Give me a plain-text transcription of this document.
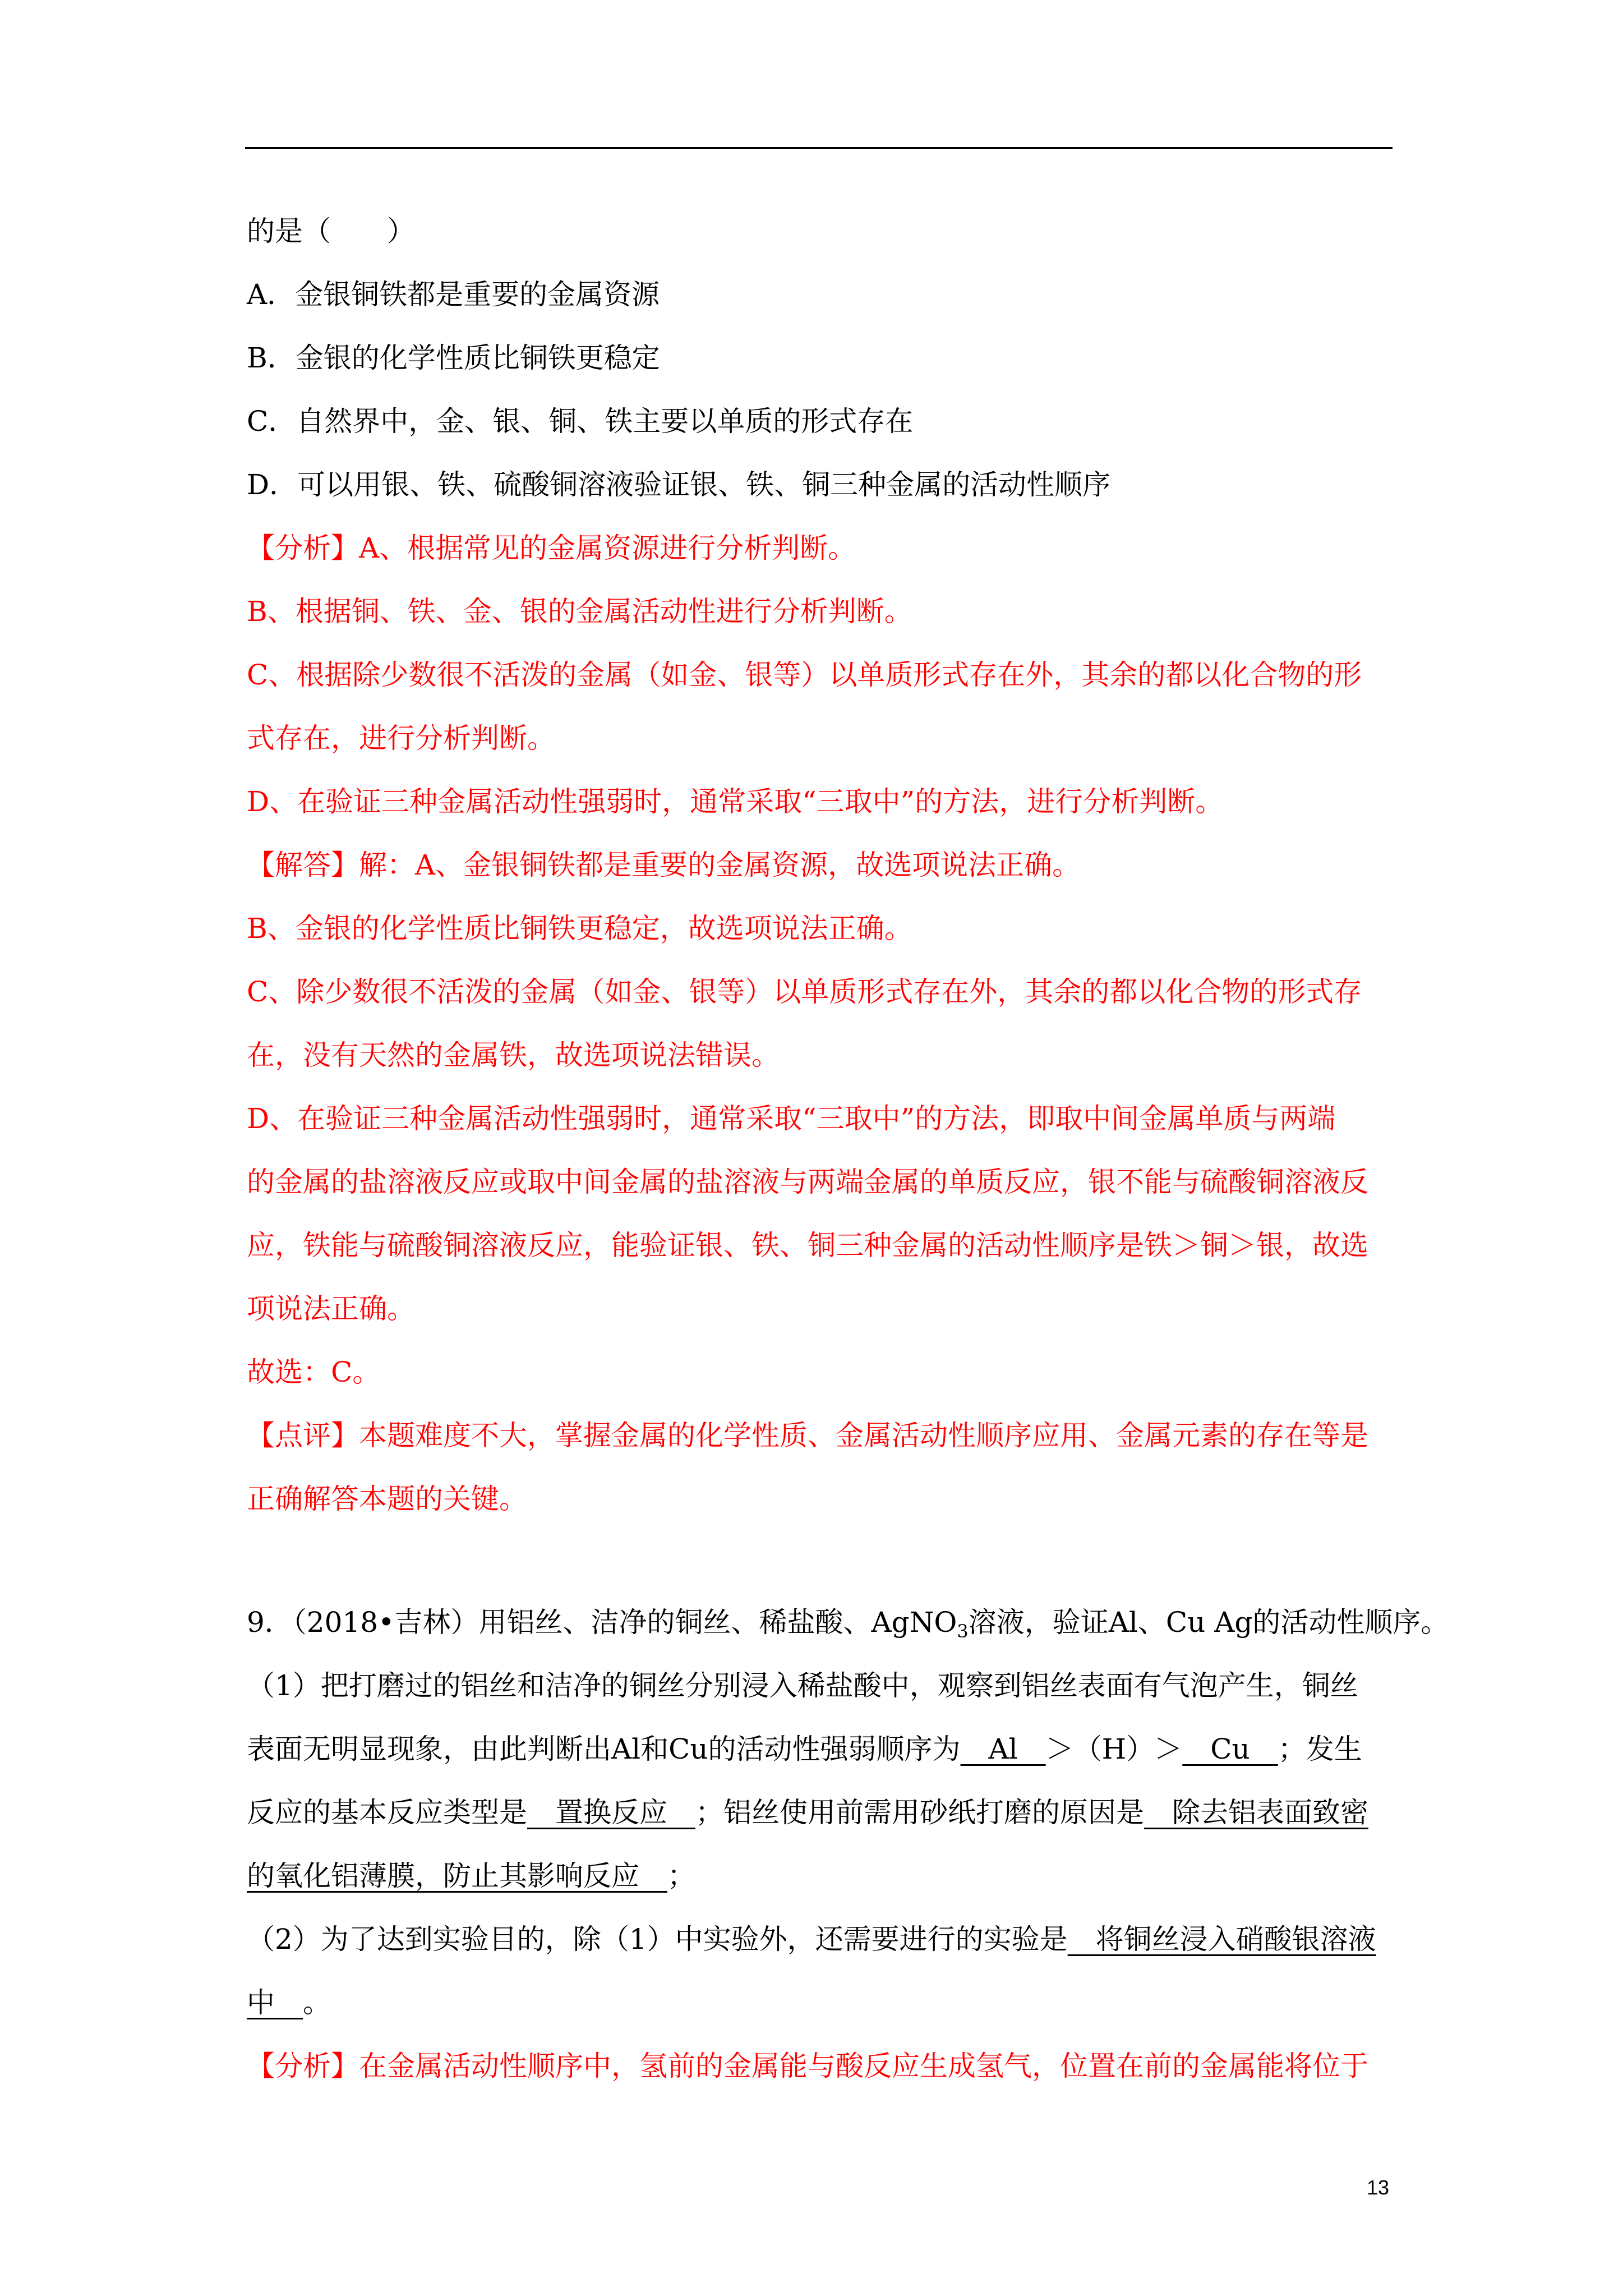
的是（　　）
A．金银铜铁都是重要的金属资源
B．金银的化学性质比铜铁更稳定
C．自然界中，金、银、铜、铁主要以单质的形式存在
D．可以用银、铁、硫酸铜溶液验证银、铁、铜三种金属的活动性顺序
【分析】A、根据常见的金属资源进行分析判断。
B、根据铜、铁、金、银的金属活动性进行分析判断。
C、根据除少数很不活泼的金属（如金、银等）以单质形式存在外，其余的都以化合物的形
式存在，进行分析判断。
D、在验证三种金属活动性强弱时，通常采取“三取中”的方法，进行分析判断。
【解答】解：A、金银铜铁都是重要的金属资源，故选项说法正确。
B、金银的化学性质比铜铁更稳定，故选项说法正确。
C、除少数很不活泼的金属（如金、银等）以单质形式存在外，其余的都以化合物的形式存
在，没有天然的金属铁，故选项说法错误。
D、在验证三种金属活动性强弱时，通常采取“三取中”的方法，即取中间金属单质与两端
的金属的盐溶液反应或取中间金属的盐溶液与两端金属的单质反应，银不能与硫酸铜溶液反
应，铁能与硫酸铜溶液反应，能验证银、铁、铜三种金属的活动性顺序是铁＞铜＞银，故选
项说法正确。
故选：C。
【点评】本题难度不大，掌握金属的化学性质、金属活动性顺序应用、金属元素的存在等是
正确解答本题的关键。
9．（2018•吉林）用铝丝、洁净的铜丝、稀盐酸、AgNO$_3$溶液，验证Al、Cu Ag的活动性顺序。
（1）把打磨过的铝丝和洁净的铜丝分别浸入稀盐酸中，观察到铝丝表面有气泡产生，铜丝
表面无明显现象，由此判断出Al和Cu的活动性强弱顺序为　Al　＞（H）＞　Cu　；发生
反应的基本反应类型是　置换反应　；铝丝使用前需用砂纸打磨的原因是　除去铝表面致密
的氧化铝薄膜，防止其影响反应　；
（2）为了达到实验目的，除（1）中实验外，还需要进行的实验是　将铜丝浸入硝酸银溶液
中　。
【分析】在金属活动性顺序中，氢前的金属能与酸反应生成氢气，位置在前的金属能将位于
13
